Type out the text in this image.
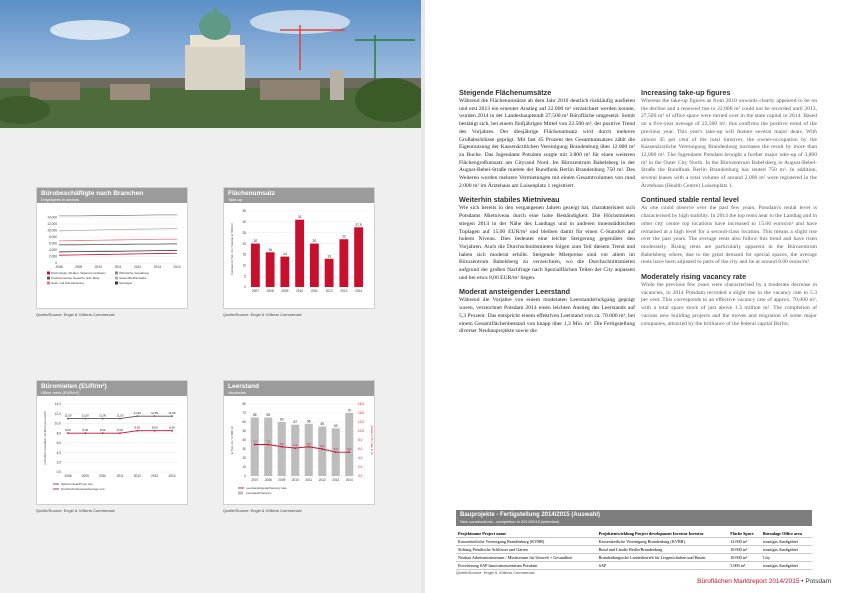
Bürobeschäftigte nach Branchen
Employees in sectors
0
2.000
4.000
6.000
8.000
10.000
12.000
14.000
2008	2009	2010	2011	2012	2013	2014
Technologie, Medien, Telekommunikation	Öffentliche Verwaltung
Produzierendes Gewerbe (inkl. Bau)	Gesundheit/Soziales
Geld- und Dienstleistung	Sonstiges
Quelle/Source: Engel & Völkers Commercial
Flächenumsatz
Take-up
0
5
10
15
20
25
30
35
Volumen in Tsd. m² / Volume in '000 m²	20
2007
16
2008
14
2009
31
2010
20
2011
13
2012
22
2013
27,5
2014
Quelle/Source: Engel & Völkers Commercial
Büromieten (EUR/m²)
Office rents (EUR/m²)
0,0
2,0
4,0
6,0
8,0
10,0
12,0
14,0
in EUR/m² monatlich / EUR/m² per month
2008	2009	2010	2011	2012	2013	2014
11,00	11,00	11,00	11,00
11,50	11,50	11,50
Spitzenmiete/Prime rent
8,00	8,00	8,00	8,00
8,50	8,50	8,50
Durchschnittsmiete/Average rent
Quelle/Source: Engel & Völkers Commercial
Leerstand
Vacancies
0
10
20
30
40
50
60
70
80
0,0
2,0
4,0
6,0
8,0
10,0
12,0
14,0
16,0
in Tsd. m² / in '000 m²	Quote in % / rate in %
65
2007
65
2008
60
2009
57
2010
58
2011
55
2012
53
2013
70
2014
7,0	7,0
6,5	6,2	6,5
6,0
5,3	5,3
Leerstandsquote/Vacancy rate
Leerstand/Vacancy
Quelle/Source: Engel & Völkers Commercial
Steigende Flächenumsätze

Während die Flächenumsätze ab dem Jahr 2010 deutlich rückläufig ausfielen und erst 2013 ein erneuter Anstieg auf 22.000 m² verzeichnet werden konnte, wurden 2014 in der Landeshauptstadt 27.500 m² Bürofläche umgesetzt. Somit bestätigt sich, bei einem fünfjährigen Mittel von 22.500 m², der positive Trend des Vorjahres. Der diesjährige Flächenumsatz wird durch mehrere Großabschlüsse geprägt. Mit fast 45 Prozent des Gesamtumsatzes zählt die Eigennutzung der Kassenärztlichen Vereinigung Brandenburg über 12.000 m² zu Buche. Das Jugendamt Potsdam sorgte mit 3.800 m² für einen weiteren Flächengroßumsatz am Cityrand Nord. Im Bürozentrum Babelsberg in der August-Bebel-Straße mietete der Rundfunk Berlin Brandenburg 750 m². Des Weiteren wurden mehrere Vermietungen mit einem Gesamtvolumen von rund 2.000 m² im Ärztehaus am Luisenplatz 1 registriert.

Weiterhin stabiles Mietniveau

Wie sich bereits in den vergangenen Jahren gezeigt hat, charakterisiert sich Potsdams Mietniveau durch eine hohe Beständigkeit. Die Höchstmieten stiegen 2014 in der Nähe des Landtags und in anderen innenstädtischen Toplagen auf 15,00 EUR/m² und bleiben damit für einen C-Standort auf hohem Niveau. Dies bedeutet eine leichte Steigerung gegenüber den Vorjahren. Auch die Durchschnittsmieten folgen zum Teil diesem Trend und haben sich moderat erhöht. Steigende Mietpreise sind vor allem im Bürozentrum Babelsberg zu verzeichnen, wo die Durchschnittsmieten aufgrund der großen Nachfrage nach Spezialflächen Teilen der City anpassen und bei etwa 8,00 EUR/m² liegen.

Moderat ansteigender Leerstand

Während die Vorjahre von einem moderaten Leerstandsrückgang geprägt waren, verzeichnet Potsdam 2014 einen leichten Anstieg des Leerstands auf 5,3 Prozent. Das entspricht einem effektiven Leerstand von ca. 70.000 m², bei einem Gesamtflächenbestand von knapp über 1,3 Mio. m². Die Fertigstellung diverser Neubauprojekte sowie die

Increasing take-up figures

Whereas the take-up figures as from 2010 onwards clearly appeared to be on the decline and a renewed rise to 22,000 m² could not be recorded until 2013, 27,500 m² of office space were turned over in the state capital in 2014. Based on a five-year average of 22,500 m², this confirms the positive trend of the previous year. This year's take-up will feature several major deals. With almost 45 per cent of the total turnover, the owner-occupation by the Kassenärztliche Vereinigung Brandenburg increases the result by more than 12,000 m². The Jugendamt Potsdam brought a further major take-up of 3,800 m² in the Outer City North. In the Bürozentrum Babelsberg in August-Bebel-Straße the Rundfunk Berlin Brandenburg has rented 750 m². In addition, several leases with a total volume of around 2,000 m² were registered in the Ärztehaus (Health Centre) Luisenplatz 1.

Continued stable rental level

As one could observe over the past few years, Potsdam's rental level is characterised by high stability. In 2014 the top rents near to the Landtag and in other city centre top locations have increased to 15.00 euros/m² and have remained at a high level for a second-class location. This means a slight rise over the past years. The average rents also follow this trend and have risen moderately. Rising rents are particularly apparent in the Bürozentrum Babelsberg where, due to the great demand for special spaces, the average rents have been adjusted to parts of the city and lie at around 8.00 euros/m².

Moderately rising vacancy rate

While the previous few years were characterised by a moderate decrease in vacancies, in 2014 Potsdam recorded a slight rise in the vacancy rate to 5.3 per cent. This corresponds to an effective vacancy rate of approx. 70,000 m², with a total space stock of just above 1.3 million m². The completion of various new building projects and the moves and migration of some major companies, attracted by the brilliance of the federal capital Berlin,

Bauprojekte - Fertigstellung 2014/2015 (Auswahl)
New constructions - completion in 2014/2015 (selection)
Projektname Project name	Projektentwicklung Project development Investor Investor	Fläche Space	Büroalage Office area
Kassenärztliche Vereinigung Brandenburg (KVBB)	Kassenärztliche Vereinigung Brandenburg (KVBB)	12.000 m²	sonstiges Stadtgebiet
Stiftung Preußische Schlösser und Gärten	Bund und Länder Berlin/Brandenburg	10.000 m²	sonstiges Stadtgebiet
Neubau Arbeitsministerium / Ministerium für Umwelt + Gesundheit	Brandenburgische Landesbetrieb für Liegenschaften und Bauen	10.000 m²	City
Erweiterung SAP Innovationszentrum Potsdam	SAP	5.000 m²	sonstiges Stadtgebiet
Quelle/Source: Engel & Völkers Commercial
Büroflächen Marktreport 2014/2015 • Potsdam
